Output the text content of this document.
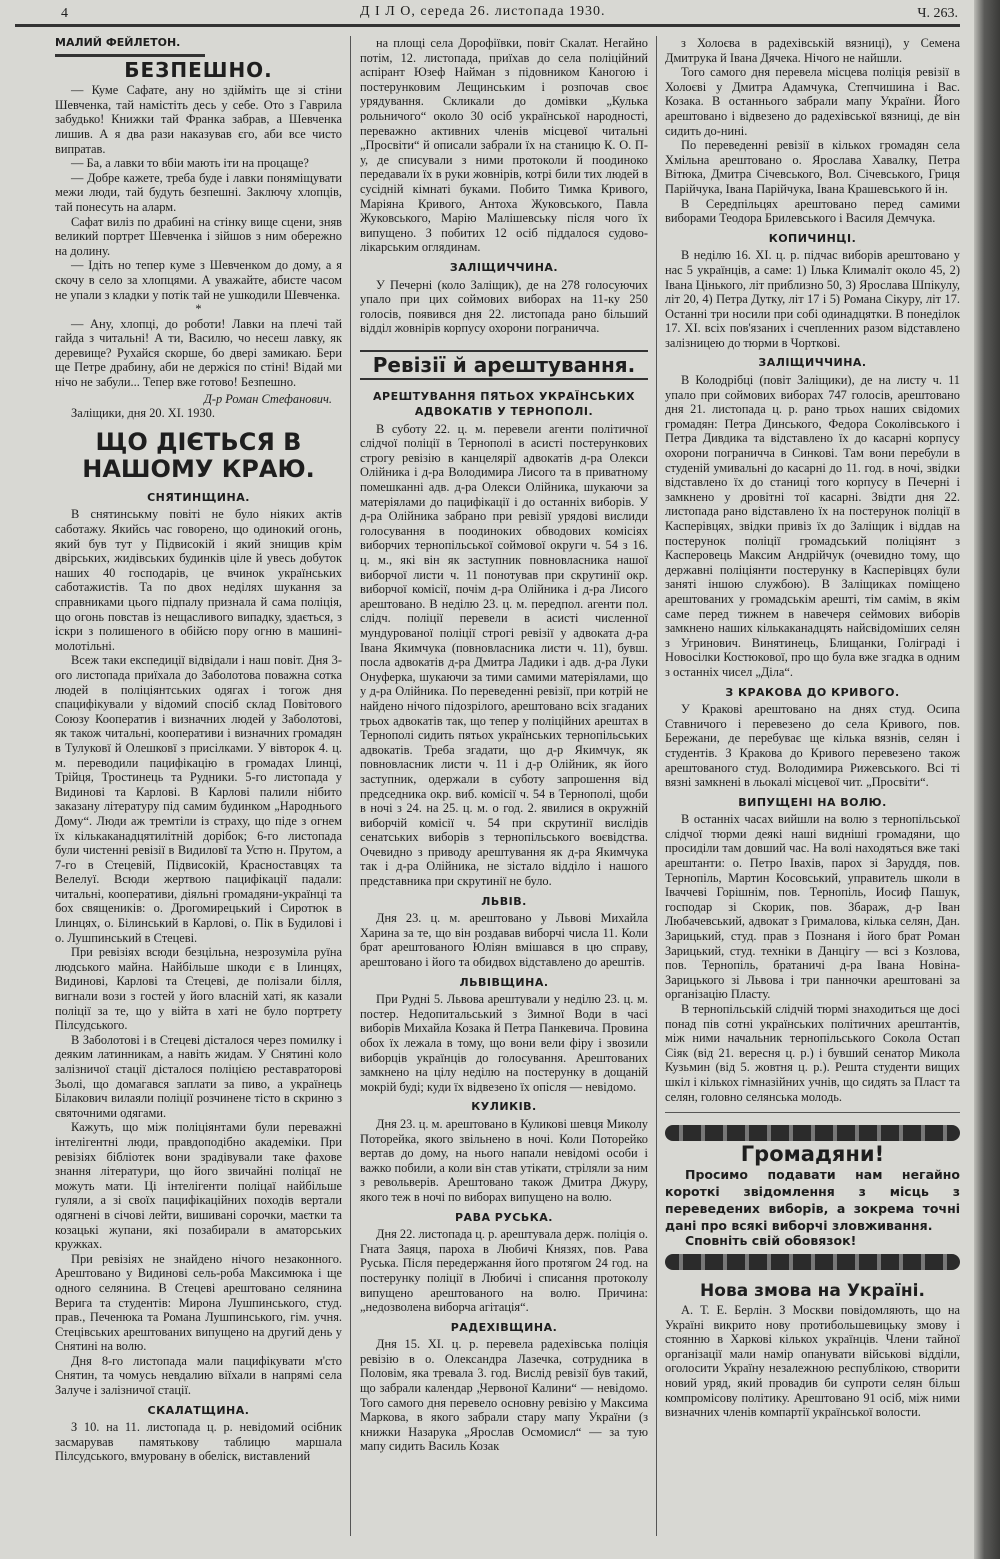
4	Д І Л О, середа 26. листопада 1930.	Ч. 263.
МАЛИЙ ФЕЙЛЕТОН.
БЕЗПЕШНО.
— Куме Сафате, ану но здійміть ще зі стіни Шевченка, тай намістіть десь у себе. Ото з Гаврила забудько! Книжки тай Франка забрав, а Шевченка лишив. А я два рази наказував єго, аби все чисто випратав.
— Ба, а лавки то вбіи мають іти на процаще?
— Добре кажете, треба буде і лавки поняміщувати межи люди, тай будуть безпешні. Заключу хлопців, тай понесуть на аларм.
Сафат виліз по драбині на стінку вище сцени, зняв великий портрет Шевченка і зійшов з ним обережно на долину.
— Ідіть но тепер куме з Шевченком до дому, а я скочу в село за хлопцями. А уважайте, абисте часом не упали з кладки у потік тай не ушкодили Шевченка.
*
— Ану, хлопці, до роботи! Лавки на плечі тай гайда з читальні! А ти, Василю, чо несеш лавку, як деревище? Рухайся скорше, бо двері замикаю. Бери ще Петре драбину, аби не держіся по стіні! Відай ми нічо не забули... Тепер вже готово! Безпешно.
Д-р Роман Стефанович.
Заліщики, дня 20. XI. 1930.
ЩО ДІЄТЬСЯ В НАШОМУ КРАЮ.
СНЯТИНЩИНА.
В снятинськму повіті не було ніяких актів саботажу. Якийсь час говорено, що одинокий огонь, який був тут у Підвисокій і який знищив крім двірських, жидівських будинків ціле й увесь добуток наших 40 господарів, це вчинок українських саботажистів. Та по двох неділях шукання за справниками цього підпалу признала й сама поліція, що огонь повстав із нещасливого випадку, здається, з іскри з полишеного в обійсю пору огню в машині-молотільні.
Всеж таки експедиції відвідали і наш повіт. Дня 3-ого листопада приїхала до Заболотова поважна сотка людей в поліціянтських одягах і тогож дня спацифікували у відомий спосіб склад Повітового Союзу Кооператив і визначних людей у Заболотові, як також читальні, кооперативи і визначних громадян в Тулуковї й Олешковї з присілками. У вівторок 4. ц. м. переводили пацифікацію в громадах Ілинці, Трійця, Тростинець та Рудники. 5-го листопада у Видинові та Карлові. В Карлові палили нібито заказану літературу під самим будинком „Народнього Дому“. Люди аж тремтіли із страху, що піде з огнем їх кількаканадцятилітній дорібок; 6-го листопада були чистенні ревізії в Видиловї та Устю н. Прутом, а 7-го в Стецевій, Підвисокій, Красноставцях та Велелуї. Всюди жертвою пацифікації падали: читальні, кооперативи, діяльні громадяни-українці та бох священиків: о. Дрогомирецький і Сиротюк в Ілинцях, о. Білинський в Карлові, о. Пік в Будилові і о. Лушпинський в Стецеві.
При ревізіях всюди безцільна, незрозуміла руїна людського майна. Найбільше шкоди є в Ілинцях, Видинові, Карлові та Стецеві, де полізали білля, вигнали вози з гостей у його власній хаті, як казали поліції за те, що у війта в хаті не було портрету Пілсудського.
В Заболотові і в Стецеві дісталося через помилку і деяким латинникам, а навіть жидам. У Снятині коло залізничої стації дісталося поліцією реставраторові Зьолі, що домагався заплати за пиво, а українець Білакович вилаяли поліції розчинене тісто в скриню з святочними одягами.
Кажуть, що між поліціянтами були переважні інтелігентні люди, правдоподібно академіки. При ревізіях бібліотек вони зрадівували таке фахове знання літератури, що його звичайні поліцаї не можуть мати. Ці інтелігенти поліцаї найбільше гуляли, а зі своїх пацифікаційних походів вертали одягнені в січові лейти, вишивані сорочки, маєтки та козацькі жупани, які позабирали в аматорських кружках.
При ревізіях не знайдено нічого незаконного. Арештовано у Видинові сель-роба Максимюка і ще одного селянина. В Стецеві арештовано селянина Верига та студентів: Мирона Лушпинського, студ. прав., Печенюка та Романа Лушпинського, гім. учня. Стецівських арештованих випущено на другий день у Снятині на волю.
Дня 8-го листопада мали пацифікувати м'сто Снятин, та чомусь невдалию віїхали в напрямі села Залуче і залізничої стації.
СКАЛАТЩИНА.
З 10. на 11. листопада ц. р. невідомий осібник засмарував памятькову таблицю маршала Пілсудського, вмуровану в обеліск, виставлений
на площі села Дорофіївки, повіт Скалат. Негайно потім, 12. листопада, приїхав до села поліційний аспірант Юзеф Найман з підовником Каногою і постерунковим Лещинським і розпочав своє урядування. Скликали до домівки „Кулька рольничого“ около 30 осіб української народності, переважно активних членів місцевої читальні „Просвіти“ й описали забрали їх на станицю К. О. П-у, де списували з ними протоколи й поодиноко передавали їх в руки жовнірів, котрі били тих людей в сусідній кімнаті буками. Побито Тимка Кривого, Маріяна Кривого, Антоха Жуковського, Павла Жуковського, Марію Малішевську після чого їх випущено. З побитих 12 осіб піддалося судово-лікарським оглядинам.
ЗАЛІЩИЧЧИНА.
У Печерні (коло Заліщик), де на 278 голосуючих упало при цих соймових виборах на 11-ку 250 голосів, появився дня 22. листопада рано більший відділ жовнірів корпусу охорони пограничча.
Ревізії й арештування.
АРЕШТУВАННЯ ПЯТЬОХ УКРАЇНСЬКИХ АДВОКАТІВ У ТЕРНОПОЛІ.
В суботу 22. ц. м. перевели агенти політичної слідчої поліції в Тернополі в асисті постерункових строгу ревізію в канцелярії адвокатів д-ра Олекси Олійника і д-ра Володимира Лисого та в приватному помешканні адв. д-ра Олекси Олійника, шукаючи за матеріялами до пацифікації і до останніх виборів. У д-ра Олійника забрано при ревізії урядові вислиди голосування в поодиноких обводових комісіях виборчих тернопільської соймової округи ч. 54 з 16. ц. м., які він як заступник повновласника нашої виборчої листи ч. 11 понотував при скрутинії окр. виборчої комісії, почім д-ра Олійника і д-ра Лисого арештовано. В неділю 23. ц. м. передпол. агенти пол. слідч. поліції перевели в асисті численної мундурованої поліції строгі ревізії у адвоката д-ра Івана Якимчука (повновласника листи ч. 11), бувш. посла адвокатів д-ра Дмитра Ладики і адв. д-ра Луки Онуферка, шукаючи за тими самими матеріялами, що у д-ра Олійника. По переведенні ревізії, при котрій не найдено нічого підозрілого, арештовано всіх згаданих трьох адвокатів так, що тепер у поліційних арештах в Тернополі сидить пятьох українських тернопільських адвокатів. Треба згадати, що д-р Якимчук, як повновласник листи ч. 11 і д-р Олійник, як його заступник, одержали в суботу запрошення від председника окр. виб. комісії ч. 54 в Тернополі, щоби в ночі з 24. на 25. ц. м. о год. 2. явилися в окружній виборчій комісії ч. 54 при скрутинії вислідів сенатських виборів з тернопільського воєвідства. Очевидно з приводу арештування як д-ра Якимчука так і д-ра Олійника, не зістало відділо і нашого представника при скрутинії не було.
ЛЬВІВ.
Дня 23. ц. м. арештовано у Львові Михайла Харина за те, що він роздавав виборчі числа 11. Коли брат арештованого Юліян вмішався в цю справу, арештовано і його та обидвох відставлено до арештів.
ЛЬВІВЩИНА.
При Рудні 5. Львова арештували у неділю 23. ц. м. постер. Недопитальський з Зимної Води в часі виборів Михайла Козака й Петра Панкевича. Провина обох їх лежала в тому, що вони вели фіру і звозили виборців українців до голосування. Арештованих замкнено на цілу неділю на постерунку в дощаній мокрій буді; куди їх відвезено їх опісля — невідомо.
КУЛИКІВ.
Дня 23. ц. м. арештовано в Куликові шевця Миколу Потоpейка, якого звільнено в ночі. Коли Потоpейко вертав до дому, на нього напали невідомі особи і важко побили, а коли він став утікати, стріляли за ним з револьверів. Арештовано також Дмитра Джуру, якого теж в ночі по виборах випущено на волю.
РАВА РУСЬКА.
Дня 22. листопада ц. р. арештувала держ. поліція о. Гната Заяця, пароха в Любичі Князях, пов. Рава Руська. Після передержання його протягом 24 год. на постерунку поліції в Любичі і списання протоколу випущено арештованого на волю. Причина: „недозволена виборча агітація“.
РАДЕХІВЩИНА.
Дня 15. XI. ц. р. перевела радехівська поліція ревізію в о. Олександра Лазечка, сотрудника в Половім, яка тревала 3. год. Вислід ревізії був такий, що забрали календар „Червоної Калини“ — невідомо. Того самого дня перевело основну ревізію у Максима Маркова, в якого забрали стару мапу України (з книжки Назарука „Ярослав Осмомисл“ — за тую мапу сидить Василь Козак
з Холоєва в радехівській вязниці), у Семена Дмитрука й Івана Дячека. Нічого не найшли.
Того самого дня перевела місцева поліція ревізії в Холоєві у Дмитра Адамчука, Степчишина і Вас. Козака. В останнього забрали мапу України. Його арештовано і відвезено до радехівської вязниці, де він сидить до-нині.
По переведенні ревізії в кількох громадян села Хмільна арештовано о. Ярослава Хавалку, Петра Вітюка, Дмитра Січевського, Вол. Січевського, Гриця Парійчука, Івана Парійчука, Івана Крашевського й ін.
В Середпільцях арештовано перед самими виборами Теодора Брилевського і Василя Демчука.
КОПИЧИНЦІ.
В неділю 16. XI. ц. р. підчас виборів арештовано у нас 5 українців, а саме: 1) Ілька Клималіт около 45, 2) Івана Цінького, літ приблизно 50, 3) Ярослава Шпікулу, літ 20, 4) Петра Дутку, літ 17 і 5) Романа Сікуру, літ 17. Останні три носили при собі одинадцятки. В понеділок 17. XI. всіх пов'язаних і счепленних разом відставлено залізницею до тюрми в Чорткові.
ЗАЛІЩИЧЧИНА.
В Колодрібці (повіт Заліщики), де на листу ч. 11 упало при соймових виборах 747 голосів, арештовано дня 21. листопада ц. р. рано трьох наших свідомих громадян: Петра Динського, Федора Соколівського і Петра Дивдика та відставлено їх до касарні корпусу охорони пограничча в Синкові. Там вони перебули в студеній умивальні до касарні до 11. год. в ночі, звідки відставлено їх до станиці того корпусу в Печерні і замкнено у дровітні тої касарні. Звідти дня 22. листопада рано відставлено їх на постерунок поліції в Касперівцях, звідки привіз їх до Заліщик і віддав на постерунок поліції громадський поліціянт з Касперовець Максим Андрійчук (очевидно тому, що державні поліціянти постерунку в Касперівцях були заняті іншою службою). В Заліщиках поміщено арештованих у громадськім арешті, тім самім, в якім саме перед тижнем в навечеря сеймових виборів замкнено наших кількаканадцять найсвідоміших селян з Угринович. Винятинець, Блищанки, Голіграді і Новосілки Костюкової, про що була вже згадка в одним з останніх чисел „Діла“.
З КРАКОВА ДО КРИВОГО.
У Кракові арештовано на днях студ. Осипа Ставничого і перевезено до села Кривого, пов. Бережани, де перебуває ще кілька вязнів, селян і студентів. З Кракова до Кривого перевезено також арештованого студ. Володимира Рижевського. Всі ті вязні замкнені в льокалі місцевої чит. „Просвіти“.
ВИПУЩЕНІ НА ВОЛЮ.
В останніх часах вийшли на волю з тернопільської слідчої тюрми деякі наші видніші громадяни, що просиділи там довший час. На волі находяться вже такі арештанти: о. Петро Івахів, парох зі Заруддя, пов. Тернопіль, Мартин Косовський, управитель школи в Іваччеві Горішнім, пов. Тернопіль, Иосиф Пашук, господар зі Скорик, пов. Збараж, д-р Іван Любачевський, адвокат з Грималова, кілька селян, Дан. Зарицький, студ. прав з Познаня і його брат Роман Зарицький, студ. техніки в Данцігу — всі з Козлова, пов. Тернопіль, братаничі д-ра Івана Новіна-Зарицького зі Львова і три панночки арештовані за організацію Пласту.
В тернопільській слідчій тюрмі знаходиться ще досі понад пів сотні українських політичних арештантів, між ними начальник тернопільського Сокола Остап Сіяк (від 21. вересня ц. р.) і бувший сенатор Микола Кузьмин (від 5. жовтня ц. р.). Решта студенти вищих шкіл і кількох гімназійних учнів, що сидять за Пласт та селян, головно селянська молодь.
Громадяни!
Просимо подавати нам негайно короткі звідомлення з місць з переведених виборів, а зокрема точні дані про всякі виборчі зловживання.
Сповніть свій обовязок!
Нова змова на Україні.
А. Т. Е. Берлін. З Москви повідомляють, що на Україні викрито нову протибольшевицьку змову і стоянню в Харкові кількох українців. Члени тайної організації мали намір опанувати військові відділи, оголосити Україну незалежною республікою, створити новий уряд, який провадив би супроти селян більш компромісову політику. Арештовано 91 осіб, між ними визначних членів компартії української волости.
